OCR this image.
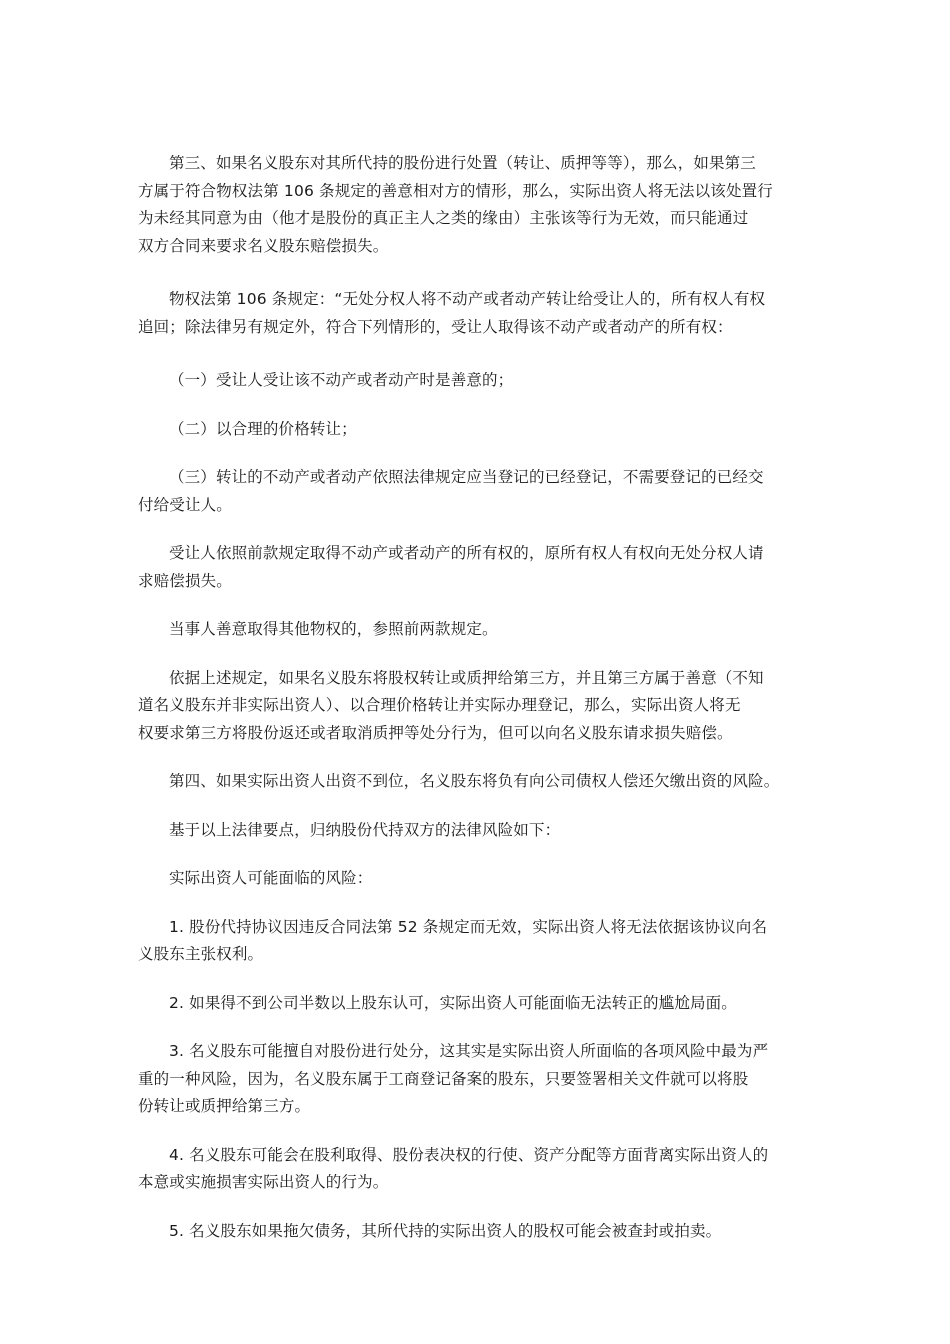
第三、如果名义股东对其所代持的股份进行处置（转让、质押等等），那么，如果第三
方属于符合物权法第 106 条规定的善意相对方的情形，那么，实际出资人将无法以该处置行
为未经其同意为由（他才是股份的真正主人之类的缘由）主张该等行为无效，而只能通过
双方合同来要求名义股东赔偿损失。

物权法第 106 条规定：“无处分权人将不动产或者动产转让给受让人的，所有权人有权
追回；除法律另有规定外，符合下列情形的，受让人取得该不动产或者动产的所有权：

（一）受让人受让该不动产或者动产时是善意的；

（二）以合理的价格转让；

（三）转让的不动产或者动产依照法律规定应当登记的已经登记，不需要登记的已经交
付给受让人。

受让人依照前款规定取得不动产或者动产的所有权的，原所有权人有权向无处分权人请
求赔偿损失。

当事人善意取得其他物权的，参照前两款规定。

依据上述规定，如果名义股东将股权转让或质押给第三方，并且第三方属于善意（不知
道名义股东并非实际出资人）、以合理价格转让并实际办理登记，那么，实际出资人将无
权要求第三方将股份返还或者取消质押等处分行为，但可以向名义股东请求损失赔偿。

第四、如果实际出资人出资不到位，名义股东将负有向公司债权人偿还欠缴出资的风险。

基于以上法律要点，归纳股份代持双方的法律风险如下：

实际出资人可能面临的风险：

1. 股份代持协议因违反合同法第 52 条规定而无效，实际出资人将无法依据该协议向名
义股东主张权利。

2. 如果得不到公司半数以上股东认可，实际出资人可能面临无法转正的尴尬局面。

3. 名义股东可能擅自对股份进行处分，这其实是实际出资人所面临的各项风险中最为严
重的一种风险，因为，名义股东属于工商登记备案的股东，只要签署相关文件就可以将股
份转让或质押给第三方。

4. 名义股东可能会在股利取得、股份表决权的行使、资产分配等方面背离实际出资人的
本意或实施损害实际出资人的行为。

5. 名义股东如果拖欠债务，其所代持的实际出资人的股权可能会被查封或拍卖。
